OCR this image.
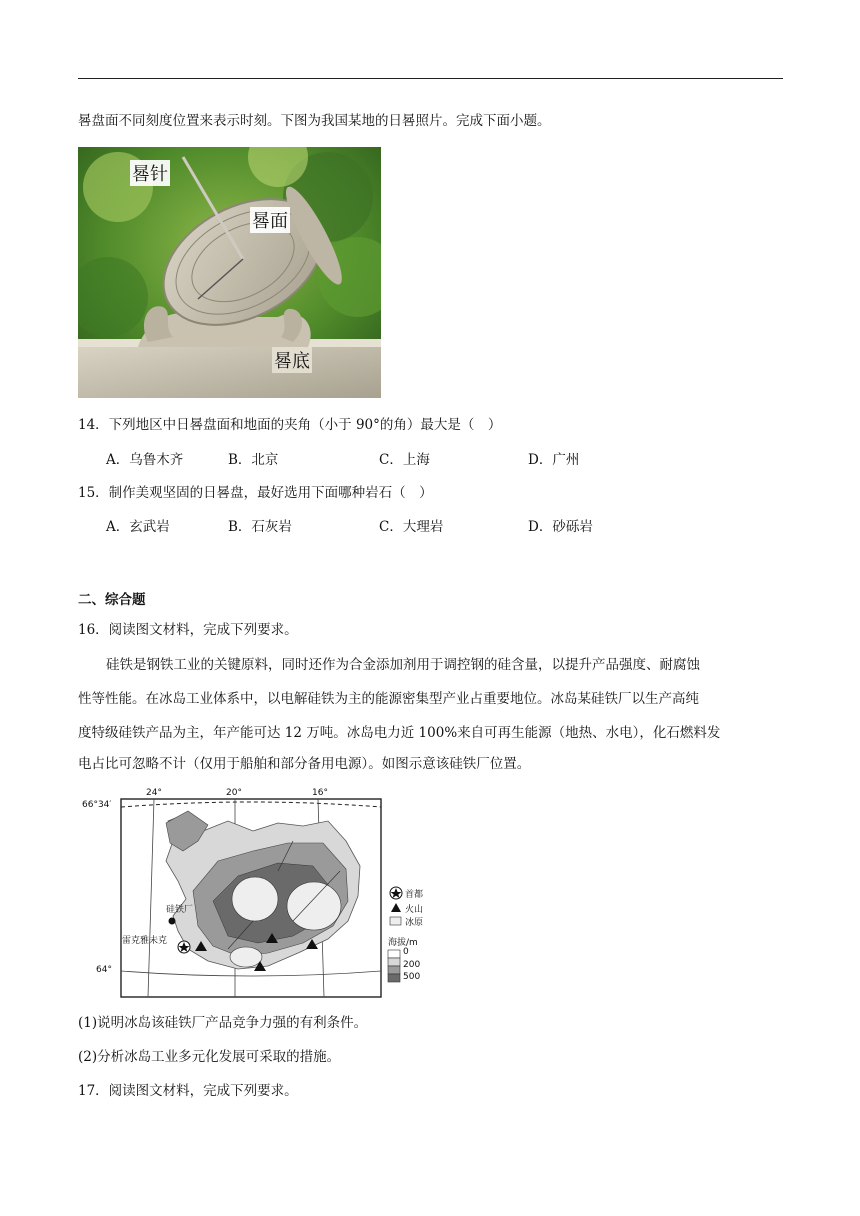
晷盘面不同刻度位置来表示时刻。下图为我国某地的日晷照片。完成下面小题。
晷针
晷面
晷底
14．下列地区中日晷盘面和地面的夹角（小于 90°的角）最大是（　）
A．乌鲁木齐	B．北京	C．上海	D．广州
15．制作美观坚固的日晷盘，最好选用下面哪种岩石（　）
A．玄武岩	B．石灰岩	C．大理岩	D．砂砾岩
二、综合题
16．阅读图文材料，完成下列要求。
硅铁是钢铁工业的关键原料，同时还作为合金添加剂用于调控钢的硅含量，以提升产品强度、耐腐蚀
性等性能。在冰岛工业体系中，以电解硅铁为主的能源密集型产业占重要地位。冰岛某硅铁厂以生产高纯
度特级硅铁产品为主，年产能可达 12 万吨。冰岛电力近 100%来自可再生能源（地热、水电），化石燃料发
电占比可忽略不计（仅用于船舶和部分备用电源）。如图示意该硅铁厂位置。
66°34′
64°
24°	20°	16°
硅铁厂
雷克雅未克
首都
火山
冰原
海拔/m
0
200
500
(1)说明冰岛该硅铁厂产品竞争力强的有利条件。
(2)分析冰岛工业多元化发展可采取的措施。
17．阅读图文材料，完成下列要求。
